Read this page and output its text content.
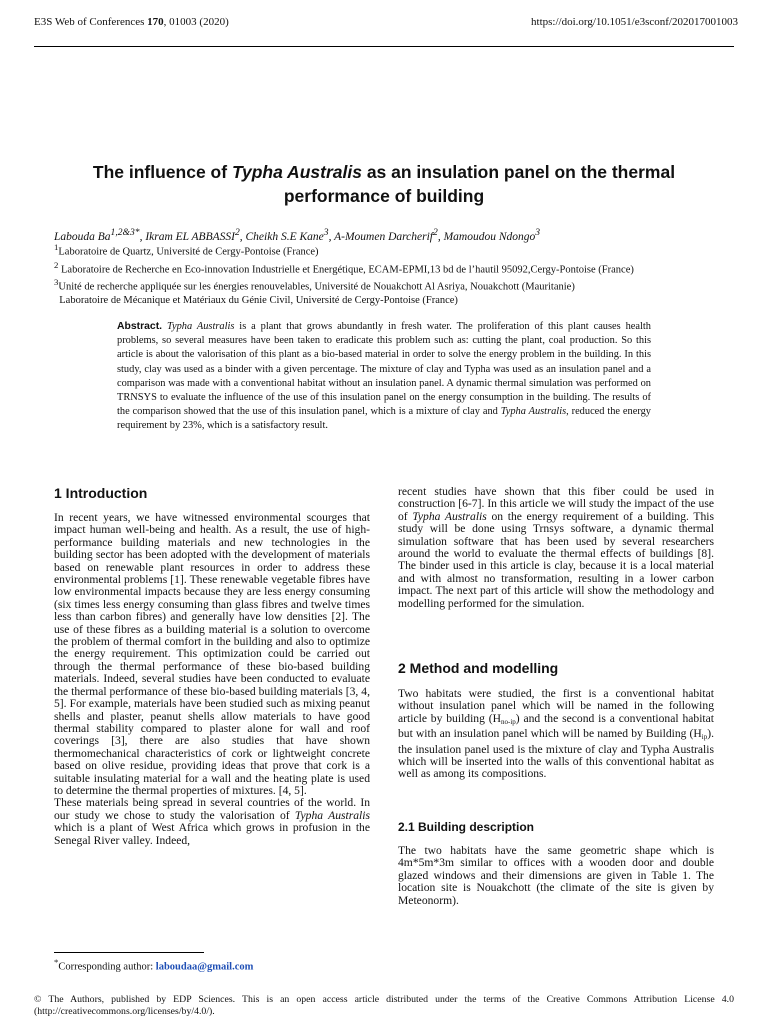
E3S Web of Conferences 170, 01003 (2020)	https://doi.org/10.1051/e3sconf/202017001003
The influence of Typha Australis as an insulation panel on the thermal performance of building
Labouda $Ba^{1,2\&3*}$, Ikram EL ABBASSI$^2$, Cheikh S.E Kane$^3$, A-Moumen Darcherif$^2$, Mamoudou Ndongo$^3$
$^1$Laboratoire de Quartz, Université de Cergy-Pontoise (France)
$^2$ Laboratoire de Recherche en Eco-innovation Industrielle et Energétique, ECAM-EPMI,13 bd de l’hautil 95092,Cergy-Pontoise (France)
$^3$Unité de recherche appliquée sur les énergies renouvelables, Université de Nouakchott Al Asriya, Nouakchott (Mauritanie)
Laboratoire de Mécanique et Matériaux du Génie Civil, Université de Cergy-Pontoise (France)
Abstract. Typha Australis is a plant that grows abundantly in fresh water. The proliferation of this plant causes health problems, so several measures have been taken to eradicate this problem such as: cutting the plant, coal production. So this article is about the valorisation of this plant as a bio-based material in order to solve the energy problem in the building. In this study, clay was used as a binder with a given percentage. The mixture of clay and Typha was used as an insulation panel and a comparison was made with a conventional habitat without an insulation panel. A dynamic thermal simulation was performed on TRNSYS to evaluate the influence of the use of this insulation panel on the energy consumption in the building. The results of the comparison showed that the use of this insulation panel, which is a mixture of clay and Typha Australis, reduced the energy requirement by 23%, which is a satisfactory result.
1 Introduction

In recent years, we have witnessed environmental scourges that impact human well-being and health. As a result, the use of high-performance building materials and new technologies in the building sector has been adopted with the development of materials based on renewable plant resources in order to address these environmental problems [1]. These renewable vegetable fibres have low environmental impacts because they are less energy consuming (six times less energy consuming than glass fibres and twelve times less than carbon fibres) and generally have low densities [2]. The use of these fibres as a building material is a solution to overcome the problem of thermal comfort in the building and also to optimize the energy requirement. This optimization could be carried out through the thermal performance of these bio-based building materials. Indeed, several studies have been conducted to evaluate the thermal performance of these bio-based building materials [3, 4, 5]. For example, materials have been studied such as mixing peanut shells and plaster, peanut shells allow materials to have good thermal stability compared to plaster alone for wall and roof coverings [3], there are also studies that have shown thermomechanical characteristics of cork or lightweight concrete based on olive residue, providing ideas that prove that cork is a suitable insulating material for a wall and the heating plate is used to determine the thermal properties of mixtures. [4, 5].

These materials being spread in several countries of the world. In our study we chose to study the valorisation of Typha Australis which is a plant of West Africa which grows in profusion in the Senegal River valley. Indeed,

recent studies have shown that this fiber could be used in construction [6-7]. In this article we will study the impact of the use of Typha Australis on the energy requirement of a building. This study will be done using Trnsys software, a dynamic thermal simulation software that has been used by several researchers around the world to evaluate the thermal effects of buildings [8]. The binder used in this article is clay, because it is a local material and with almost no transformation, resulting in a lower carbon impact. The next part of this article will show the methodology and modelling performed for the simulation.

2 Method and modelling

Two habitats were studied, the first is a conventional habitat without insulation panel which will be named in the following article by building $(H_{no-ip})$ and the second is a conventional habitat but with an insulation panel which will be named by Building $(H_{ip})$. the insulation panel used is the mixture of clay and Typha Australis which will be inserted into the walls of this conventional habitat as well as among its compositions.

2.1 Building description

The two habitats have the same geometric shape which is 4m*5m*3m similar to offices with a wooden door and double glazed windows and their dimensions are given in Table 1. The location site is Nouakchott (the climate of the site is given by Meteonorm).

*Corresponding author: laboudaa@gmail.com
© The Authors, published by EDP Sciences. This is an open access article distributed under the terms of the Creative Commons Attribution License 4.0 (http://creativecommons.org/licenses/by/4.0/).
